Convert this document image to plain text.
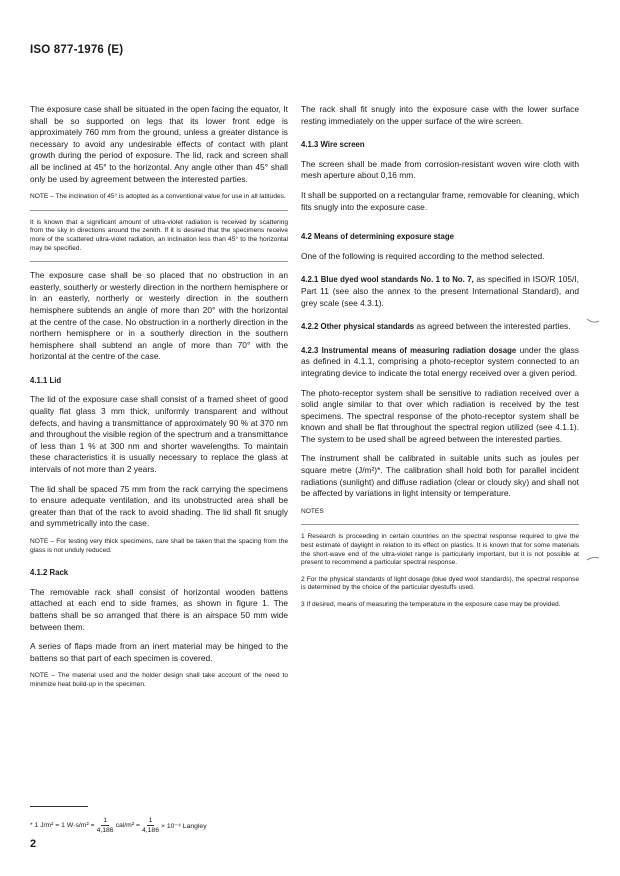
ISO 877-1976 (E)

The exposure case shall be situated in the open facing the equator, It shall be so supported on legs that its lower front edge is approximately 760 mm from the ground, unless a greater distance is necessary to avoid any undesirable effects of contact with plant growth during the period of exposure. The lid, rack and screen shall all be inclined at 45° to the horizontal. Any angle other than 45° shall only be used by agreement between the interested parties.

NOTE – The inclination of 45° is adopted as a conventional value for use in all latitudes.

It is known that a significant amount of ultra-violet radiation is received by scattering from the sky in directions around the zenith. If it is desired that the specimens receive more of the scattered ultra-violet radiation, an inclination less than 45° to the horizontal may be specified.

The exposure case shall be so placed that no obstruction in an easterly, southerly or westerly direction in the northern hemisphere or in an easterly, northerly or westerly direction in the southern hemisphere subtends an angle of more than 20° with the horizontal at the centre of the case. No obstruction in a northerly direction in the northern hemisphere or in a southerly direction in the southern hemisphere shall subtend an angle of more than 70° with the horizontal at the centre of the case.

4.1.1 Lid

The lid of the exposure case shall consist of a framed sheet of good quality flat glass 3 mm thick, uniformly transparent and without defects, and having a transmittance of approximately 90 % at 370 nm and throughout the visible region of the spectrum and a transmittance of less than 1 % at 300 nm and shorter wavelengths. To maintain these characteristics it is usually necessary to replace the glass at intervals of not more than 2 years.

The lid shall be spaced 75 mm from the rack carrying the specimens to ensure adequate ventilation, and its unobstructed area shall be greater than that of the rack to avoid shading. The lid shall fit snugly and symmetrically into the case.

NOTE – For testing very thick specimens, care shall be taken that the spacing from the glass is not unduly reduced.

4.1.2 Rack

The removable rack shall consist of horizontal wooden battens attached at each end to side frames, as shown in figure 1. The battens shall be so arranged that there is an airspace 50 mm wide between them.

A series of flaps made from an inert material may be hinged to the battens so that part of each specimen is covered.

NOTE – The material used and the holder design shall take account of the need to minimize heat build-up in the specimen.

The rack shall fit snugly into the exposure case with the lower surface resting immediately on the upper surface of the wire screen.

4.1.3 Wire screen

The screen shall be made from corrosion-resistant woven wire cloth with mesh aperture about 0,16 mm.

It shall be supported on a rectangular frame, removable for cleaning, which fits snugly into the exposure case.

4.2 Means of determining exposure stage

One of the following is required according to the method selected.

4.2.1 Blue dyed wool standards No. 1 to No. 7, as specified in ISO/R 105/I, Part 11 (see also the annex to the present International Standard), and grey scale (see 4.3.1).

4.2.2 Other physical standards as agreed between the interested parties.

4.2.3 Instrumental means of measuring radiation dosage under the glass as defined in 4.1.1, comprising a photo-receptor system connected to an integrating device to indicate the total energy received over a given period.

The photo-receptor system shall be sensitive to radiation received over a solid angle similar to that over which radiation is received by the test specimens. The spectral response of the photo-receptor system shall be known and shall be flat throughout the spectral region utilized (see 4.1.1). The system to be used shall be agreed between the interested parties.

The instrument shall be calibrated in suitable units such as joules per square metre (J/m²)*. The calibration shall hold both for parallel incident radiations (sunlight) and diffuse radiation (clear or cloudy sky) and shall not be affected by variations in light intensity or temperature.

NOTES

1 Research is proceeding in certain countries on the spectral response required to give the best estimate of daylight in relation to its effect on plastics. It is known that for some materials the short-wave end of the ultra-violet range is particularly important, but it is not possible at present to recommend a particular spectral response.

2 For the physical standards of light dosage (blue dyed wool standards), the spectral response is determined by the choice of the particular dyestuffs used.

3 If desired, means of measuring the temperature in the exposure case may be provided.

* 1 J/m² = 1 $W\cdot s/m^2 = \frac{1}{4,186} cal/m^2 = \frac{1}{4,186} \times 10^{-4}$ Langley
2
